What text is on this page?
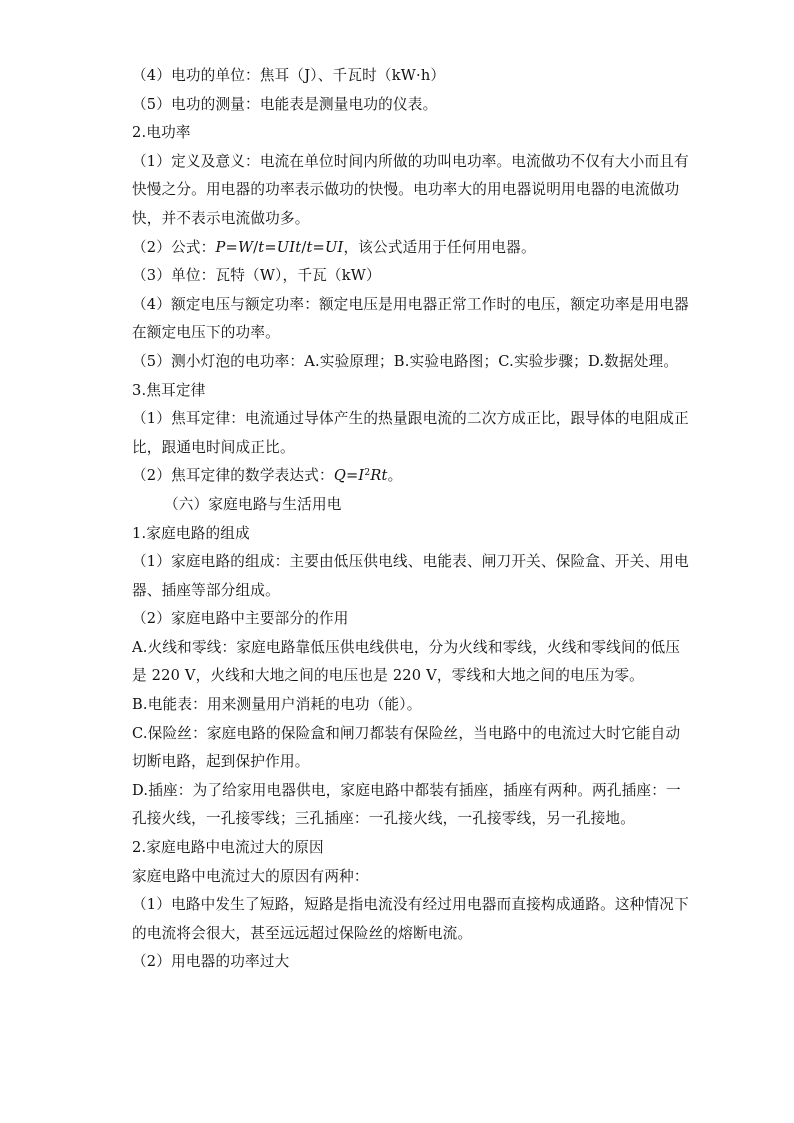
（4）电功的单位：焦耳（J）、千瓦时（kW·h）
（5）电功的测量：电能表是测量电功的仪表。
2.电功率
（1）定义及意义：电流在单位时间内所做的功叫电功率。电流做功不仅有大小而且有
快慢之分。用电器的功率表示做功的快慢。电功率大的用电器说明用电器的电流做功
快，并不表示电流做功多。
（2）公式：P=W/t=UIt/t=UI，该公式适用于任何用电器。
（3）单位：瓦特（W），千瓦（kW）
（4）额定电压与额定功率：额定电压是用电器正常工作时的电压，额定功率是用电器
在额定电压下的功率。
（5）测小灯泡的电功率：A.实验原理；B.实验电路图；C.实验步骤；D.数据处理。
3.焦耳定律
（1）焦耳定律：电流通过导体产生的热量跟电流的二次方成正比，跟导体的电阻成正
比，跟通电时间成正比。
（2）焦耳定律的数学表达式：$Q=I^2Rt$。
（六）家庭电路与生活用电
1.家庭电路的组成
（1）家庭电路的组成：主要由低压供电线、电能表、闸刀开关、保险盒、开关、用电
器、插座等部分组成。
（2）家庭电路中主要部分的作用
A.火线和零线：家庭电路靠低压供电线供电，分为火线和零线，火线和零线间的低压
是 220 V，火线和大地之间的电压也是 220 V，零线和大地之间的电压为零。
B.电能表：用来测量用户消耗的电功（能）。
C.保险丝：家庭电路的保险盒和闸刀都装有保险丝，当电路中的电流过大时它能自动
切断电路，起到保护作用。
D.插座：为了给家用电器供电，家庭电路中都装有插座，插座有两种。两孔插座：一
孔接火线，一孔接零线；三孔插座：一孔接火线，一孔接零线，另一孔接地。
2.家庭电路中电流过大的原因
家庭电路中电流过大的原因有两种：
（1）电路中发生了短路，短路是指电流没有经过用电器而直接构成通路。这种情况下
的电流将会很大，甚至远远超过保险丝的熔断电流。
（2）用电器的功率过大
